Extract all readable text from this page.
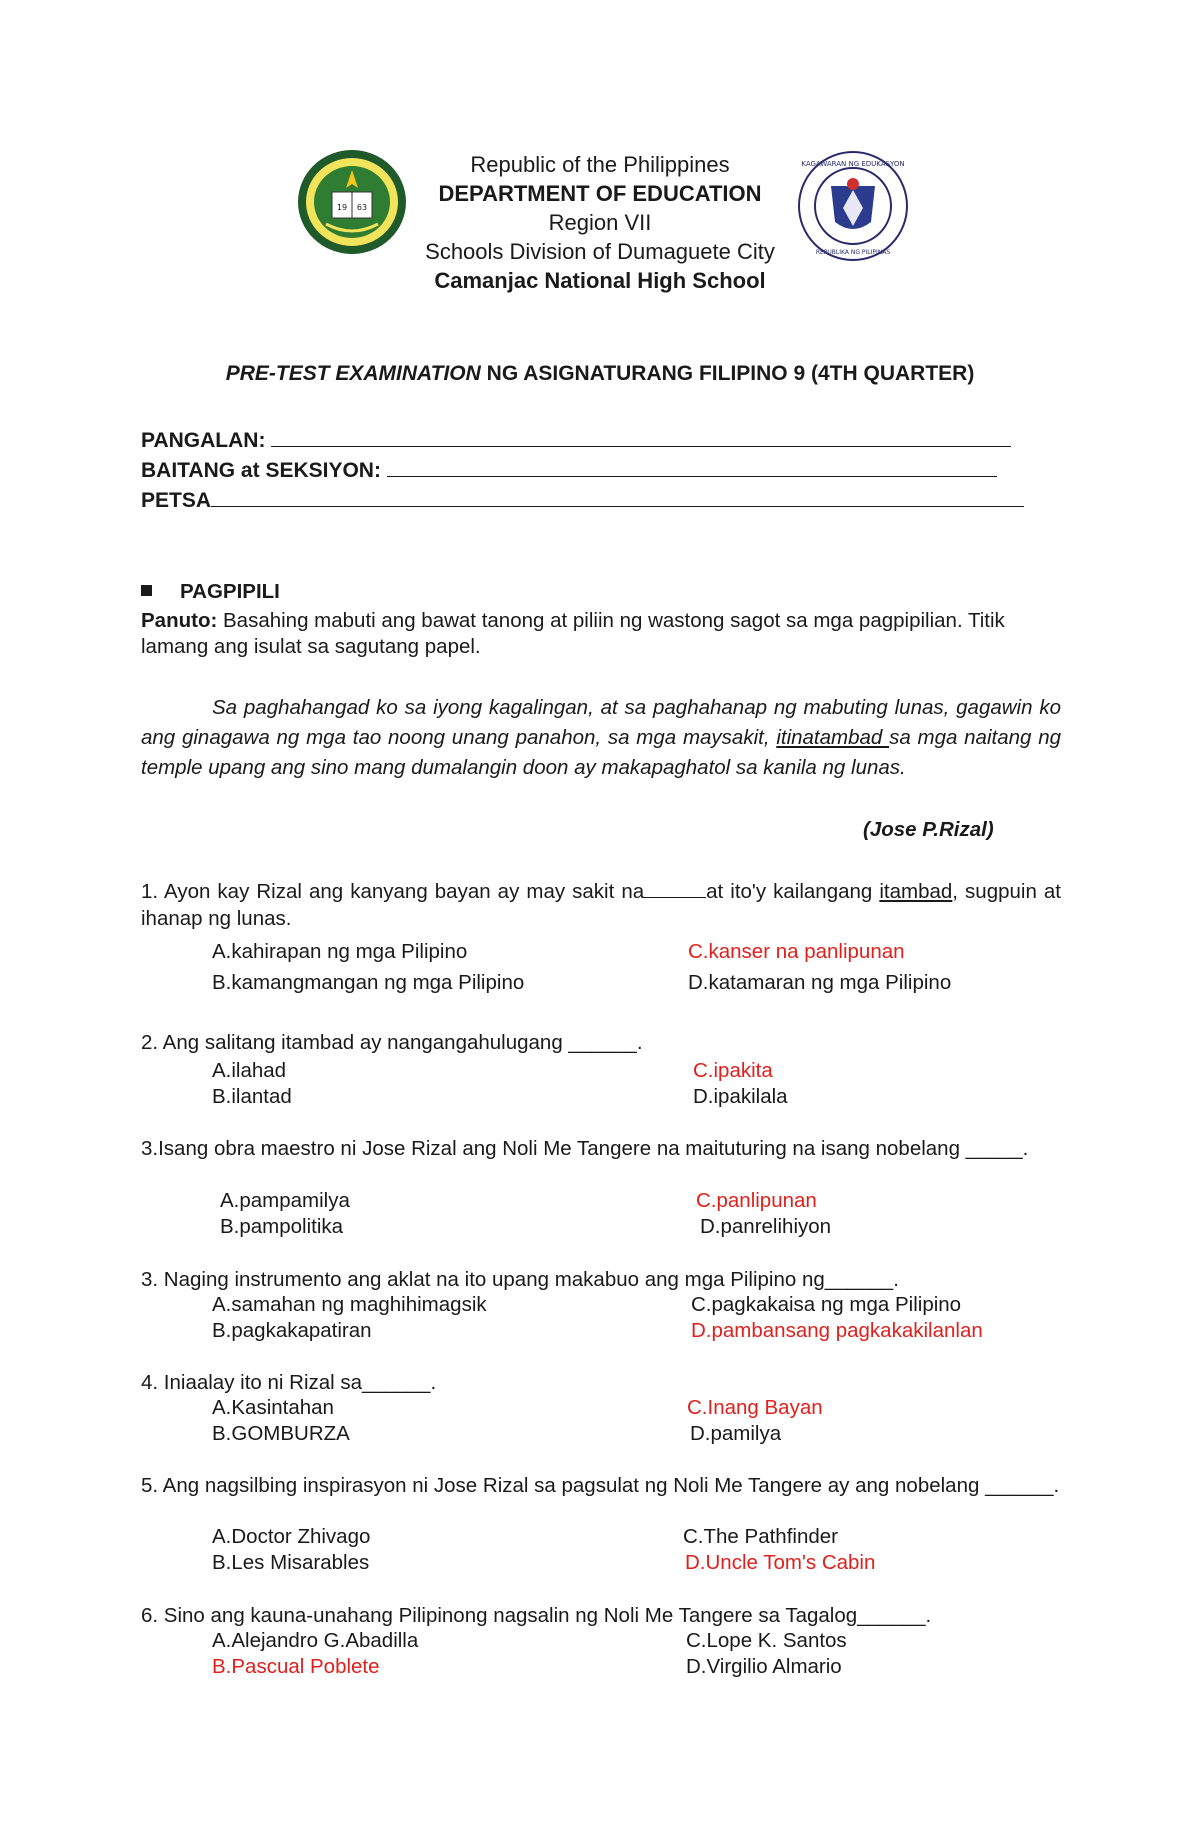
19 63
KAGAWARAN NG EDUKASYON
REPUBLIKA NG PILIPINAS
Republic of the Philippines
DEPARTMENT OF EDUCATION
Region VII
Schools Division of Dumaguete City
Camanjac National High School
PRE-TEST EXAMINATION NG ASIGNATURANG FILIPINO 9 (4TH QUARTER)
PANGALAN:
BAITANG at SEKSIYON:
PETSA
PAGPIPILI
Panuto: Basahing mabuti ang bawat tanong at piliin ng wastong sagot sa mga pagpipilian. Titik lamang ang isulat sa sagutang papel.
Sa paghahangad ko sa iyong kagalingan, at sa paghahanap ng mabuting lunas, gagawin ko ang ginagawa ng mga tao noong unang panahon, sa mga maysakit, itinatambad sa mga naitang ng temple upang ang sino mang dumalangin doon ay makapaghatol sa kanila ng lunas.
(Jose P.Rizal)
1. Ayon kay Rizal ang kanyang bayan ay may sakit na	at ito'y kailangang itambad, sugpuin at ihanap ng lunas.
A.kahirapan ng mga Pilipino	C.kanser na panlipunan
B.kamangmangan ng mga Pilipino	D.katamaran ng mga Pilipino
2. Ang salitang itambad ay nangangahulugang ______.
A.ilahad	C.ipakita
B.ilantad	D.ipakilala
3.Isang obra maestro ni Jose Rizal ang Noli Me Tangere na maituturing na isang nobelang _____.
A.pampamilya	C.panlipunan
B.pampolitika	D.panrelihiyon
3. Naging instrumento ang aklat na ito upang makabuo ang mga Pilipino ng______.
A.samahan ng maghihimagsik	C.pagkakaisa ng mga Pilipino
B.pagkakapatiran	D.pambansang pagkakakilanlan
4. Iniaalay ito ni Rizal sa______.
A.Kasintahan	C.Inang Bayan
B.GOMBURZA	D.pamilya
5. Ang nagsilbing inspirasyon ni Jose Rizal sa pagsulat ng Noli Me Tangere ay ang nobelang ______.
A.Doctor Zhivago	C.The Pathfinder
B.Les Misarables	D.Uncle Tom's Cabin
6. Sino ang kauna-unahang Pilipinong nagsalin ng Noli Me Tangere sa Tagalog______.
A.Alejandro G.Abadilla	C.Lope K. Santos
B.Pascual Poblete	D.Virgilio Almario
